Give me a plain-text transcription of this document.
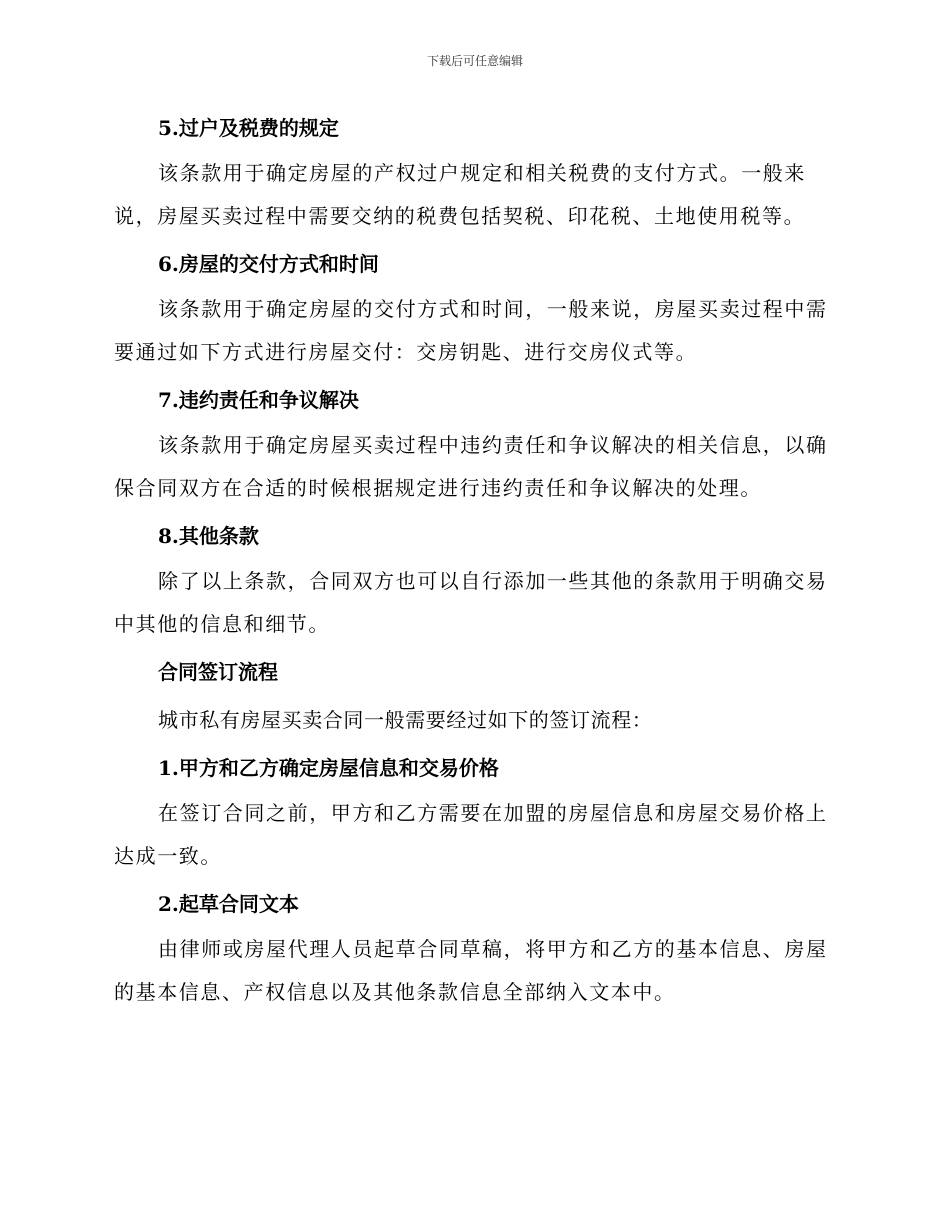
下载后可任意编辑
5.过户及税费的规定

该条款用于确定房屋的产权过户规定和相关税费的支付方式。一般来说，房屋买卖过程中需要交纳的税费包括契税、印花税、土地使用税等。

6.房屋的交付方式和时间

该条款用于确定房屋的交付方式和时间，一般来说，房屋买卖过程中需要通过如下方式进行房屋交付：交房钥匙、进行交房仪式等。

7.违约责任和争议解决

该条款用于确定房屋买卖过程中违约责任和争议解决的相关信息，以确保合同双方在合适的时候根据规定进行违约责任和争议解决的处理。

8.其他条款

除了以上条款，合同双方也可以自行添加一些其他的条款用于明确交易中其他的信息和细节。

合同签订流程

城市私有房屋买卖合同一般需要经过如下的签订流程：

1.甲方和乙方确定房屋信息和交易价格

在签订合同之前，甲方和乙方需要在加盟的房屋信息和房屋交易价格上达成一致。

2.起草合同文本

由律师或房屋代理人员起草合同草稿，将甲方和乙方的基本信息、房屋的基本信息、产权信息以及其他条款信息全部纳入文本中。
